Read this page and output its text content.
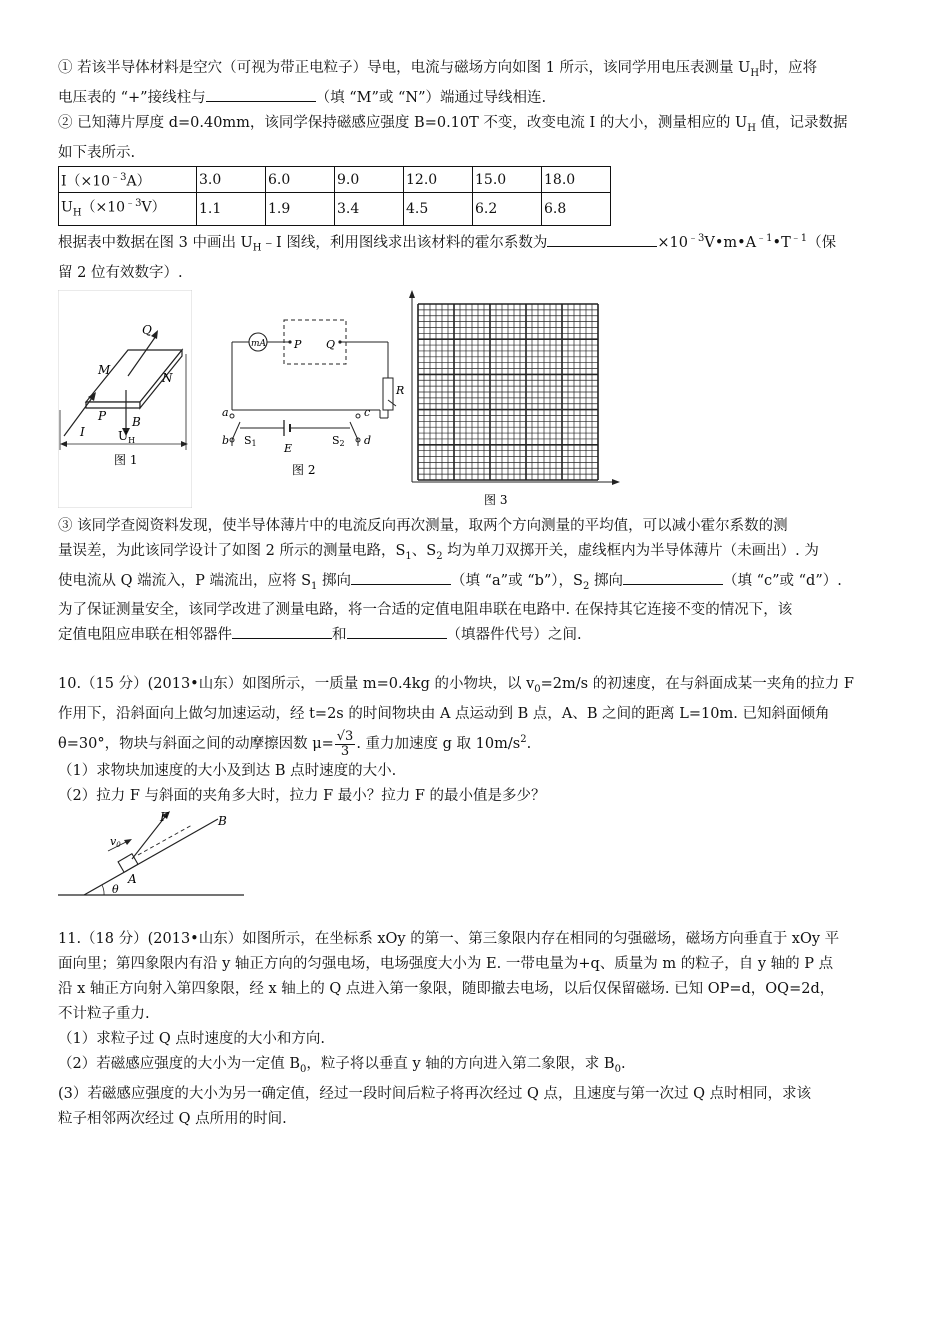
① 若该半导体材料是空穴（可视为带正电粒子）导电，电流与磁场方向如图 1 所示，该同学用电压表测量 $U_H$时，应将
电压表的 “+”接线柱与	（填 “M”或 “N”）端通过导线相连.

② 已知薄片厚度 d=0.40mm，该同学保持磁感应强度 B=0.10T 不变，改变电流 I 的大小，测量相应的 $U_H$ 值，记录数据
如下表所示.

$I(\times 10^{﹣3}A)$	3.0	6.0	9.0	12.0	15.0	18.0
$U_H(\times 10^{﹣3}V)$	1.1	1.9	3.4	4.5	6.2	6.8

根据表中数据在图 3 中画出 $U_H﹣I$ 图线，利用图线求出该材料的霍尔系数为	$\times 10^{﹣3}V•m•A^{﹣1}•T^{﹣1}$（保
留 2 位有效数字）.

Q
M
N
P B
I	$U_H$
图 1
mA
R
P Q
a
b
c
d
S1	S2
E
图 2
图 3

③ 该同学查阅资料发现，使半导体薄片中的电流反向再次测量，取两个方向测量的平均值，可以减小霍尔系数的测
量误差，为此该同学设计了如图 2 所示的测量电路，$S_1$、$S_2$ 均为单刀双掷开关，虚线框内为半导体薄片（未画出）. 为
使电流从 Q 端流入，P 端流出，应将 $S_1$ 掷向	（填 “a”或 “b”），$S_2$ 掷向	（填 “c”或 “d”）.
为了保证测量安全，该同学改进了测量电路，将一合适的定值电阻串联在电路中. 在保持其它连接不变的情况下，该
定值电阻应串联在相邻器件	和	（填器件代号）之间.

10.（15 分）(2013•山东）如图所示，一质量 m=0.4kg 的小物块，以 $v_0=2m/s$ 的初速度，在与斜面成某一夹角的拉力 F
作用下，沿斜面向上做匀加速运动，经 t=2s 的时间物块由 A 点运动到 B 点，A、B 之间的距离 L=10m. 已知斜面倾角
θ=30°，物块与斜面之间的动摩擦因数 $\mu= \frac{√3}{3}$ . 重力加速度 g 取 $10m/s^2$.

（1）求物块加速度的大小及到达 B 点时速度的大小.

（2）拉力 F 与斜面的夹角多大时，拉力 F 最小？拉力 F 的最小值是多少？

F
v0
A
B
θ

11.（18 分）(2013•山东）如图所示，在坐标系 xOy 的第一、第三象限内存在相同的匀强磁场，磁场方向垂直于 xOy 平
面向里；第四象限内有沿 y 轴正方向的匀强电场，电场强度大小为 E. 一带电量为+q、质量为 m 的粒子，自 y 轴的 P 点
沿 x 轴正方向射入第四象限，经 x 轴上的 Q 点进入第一象限，随即撤去电场，以后仅保留磁场. 已知 OP=d，OQ=2d，
不计粒子重力.

（1）求粒子过 Q 点时速度的大小和方向.

（2）若磁感应强度的大小为一定值 $B_0$，粒子将以垂直 y 轴的方向进入第二象限，求 $B_0$.

(3）若磁感应强度的大小为另一确定值，经过一段时间后粒子将再次经过 Q 点，且速度与第一次过 Q 点时相同，求该
粒子相邻两次经过 Q 点所用的时间.
